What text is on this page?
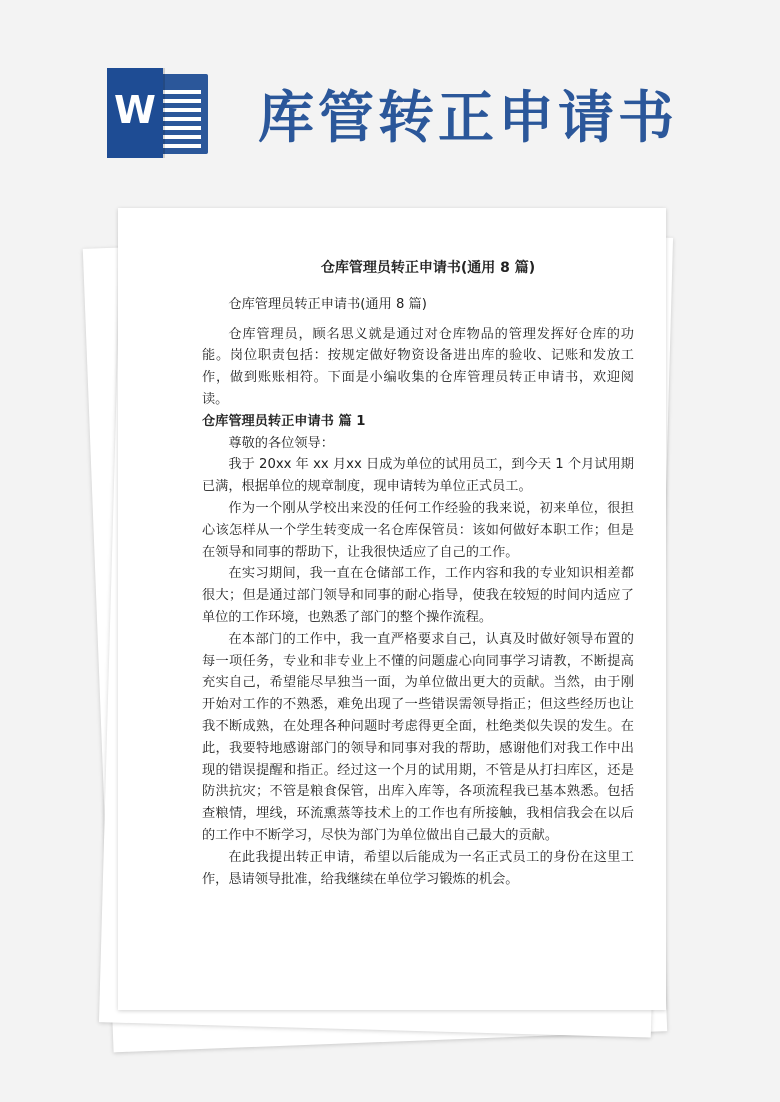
W 库管转正申请书
仓库管理员转正申请书(通用 8 篇)

仓库管理员转正申请书(通用 8 篇)

仓库管理员，顾名思义就是通过对仓库物品的管理发挥好仓库的功能。岗位职责包括：按规定做好物资设备进出库的验收、记账和发放工作，做到账账相符。下面是小编收集的仓库管理员转正申请书，欢迎阅读。

仓库管理员转正申请书 篇 1

尊敬的各位领导：

我于 20xx 年 xx 月xx 日成为单位的试用员工，到今天 1 个月试用期已满，根据单位的规章制度，现申请转为单位正式员工。

作为一个刚从学校出来没的任何工作经验的我来说，初来单位，很担心该怎样从一个学生转变成一名仓库保管员：该如何做好本职工作；但是在领导和同事的帮助下，让我很快适应了自己的工作。

在实习期间，我一直在仓储部工作，工作内容和我的专业知识相差都很大；但是通过部门领导和同事的耐心指导，使我在较短的时间内适应了单位的工作环境，也熟悉了部门的整个操作流程。

在本部门的工作中，我一直严格要求自己，认真及时做好领导布置的每一项任务，专业和非专业上不懂的问题虚心向同事学习请教，不断提高充实自己，希望能尽早独当一面，为单位做出更大的贡献。当然，由于刚开始对工作的不熟悉，难免出现了一些错误需领导指正；但这些经历也让我不断成熟，在处理各种问题时考虑得更全面，杜绝类似失误的发生。在此，我要特地感谢部门的领导和同事对我的帮助，感谢他们对我工作中出现的错误提醒和指正。经过这一个月的试用期，不管是从打扫库区，还是防洪抗灾；不管是粮食保管，出库入库等，各项流程我已基本熟悉。包括查粮情，埋线，环流熏蒸等技术上的工作也有所接触，我相信我会在以后的工作中不断学习，尽快为部门为单位做出自己最大的贡献。

在此我提出转正申请，希望以后能成为一名正式员工的身份在这里工作，恳请领导批准，给我继续在单位学习锻炼的机会。
